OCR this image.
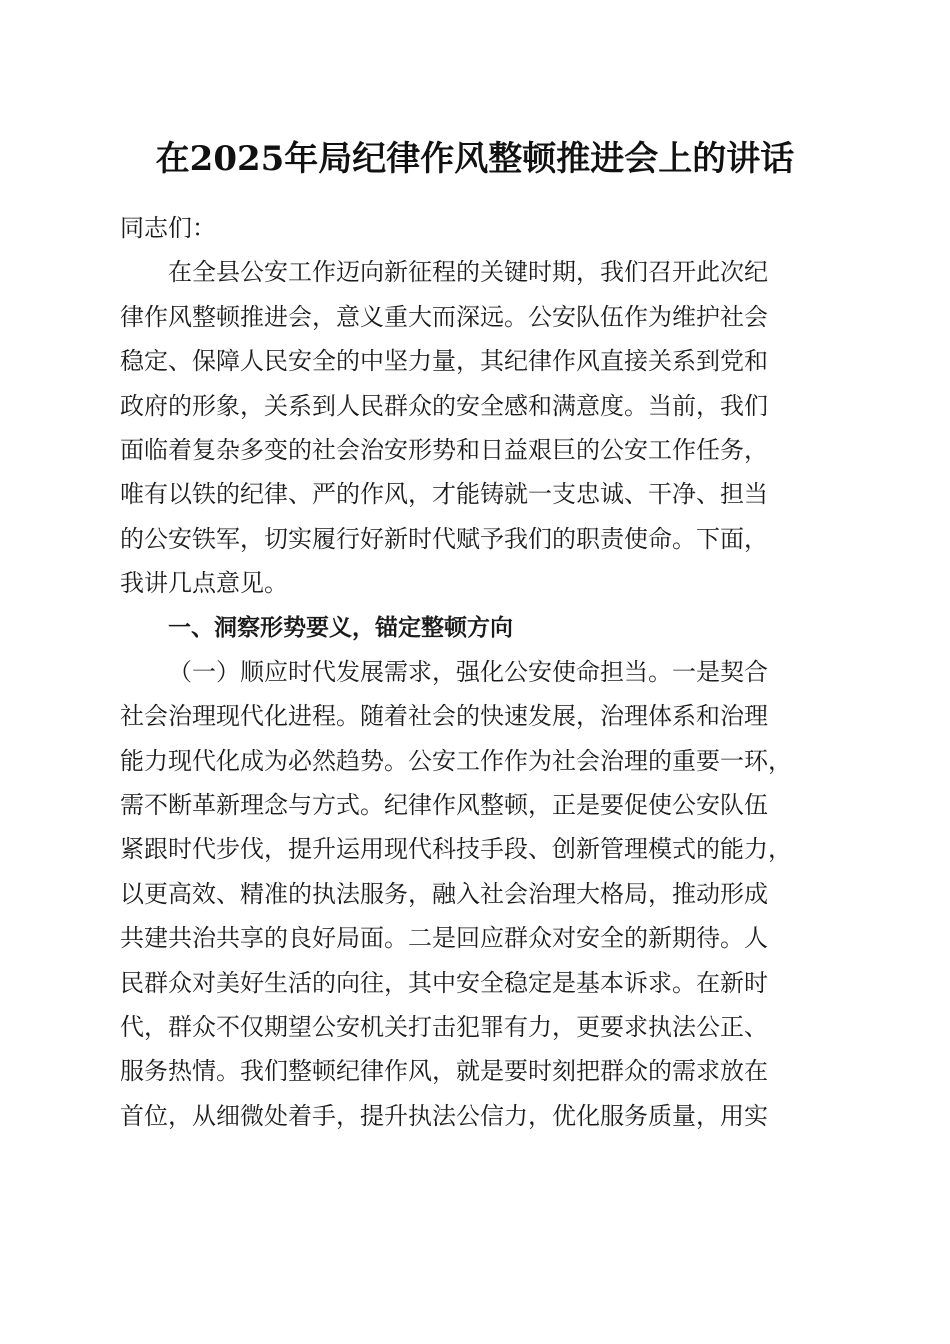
在2025年局纪律作风整顿推进会上的讲话
同志们：
在全县公安工作迈向新征程的关键时期，我们召开此次纪
律作风整顿推进会，意义重大而深远。公安队伍作为维护社会
稳定、保障人民安全的中坚力量，其纪律作风直接关系到党和
政府的形象，关系到人民群众的安全感和满意度。当前，我们
面临着复杂多变的社会治安形势和日益艰巨的公安工作任务，
唯有以铁的纪律、严的作风，才能铸就一支忠诚、干净、担当
的公安铁军，切实履行好新时代赋予我们的职责使命。下面，
我讲几点意见。
一、洞察形势要义，锚定整顿方向
（一）顺应时代发展需求，强化公安使命担当。一是契合
社会治理现代化进程。随着社会的快速发展，治理体系和治理
能力现代化成为必然趋势。公安工作作为社会治理的重要一环，
需不断革新理念与方式。纪律作风整顿，正是要促使公安队伍
紧跟时代步伐，提升运用现代科技手段、创新管理模式的能力，
以更高效、精准的执法服务，融入社会治理大格局，推动形成
共建共治共享的良好局面。二是回应群众对安全的新期待。人
民群众对美好生活的向往，其中安全稳定是基本诉求。在新时
代，群众不仅期望公安机关打击犯罪有力，更要求执法公正、
服务热情。我们整顿纪律作风，就是要时刻把群众的需求放在
首位，从细微处着手，提升执法公信力，优化服务质量，用实
